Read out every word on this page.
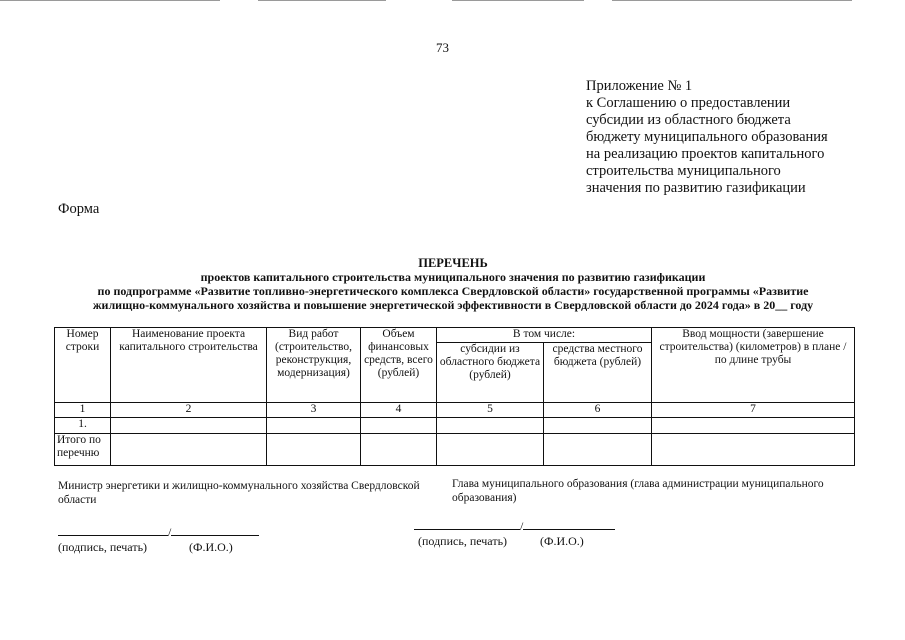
73
Приложение № 1
к Соглашению о предоставлении
субсидии из областного бюджета
бюджету муниципального образования
на реализацию проектов капитального
строительства муниципального
значения по развитию газификации
Форма
ПЕРЕЧЕНЬ
проектов капитального строительства муниципального значения по развитию газификации
по подпрограмме «Развитие топливно-энергетического комплекса Свердловской области» государственной программы «Развитие
жилищно-коммунального хозяйства и повышение энергетической эффективности в Свердловской области до 2024 года» в 20__ году
Номер строки	Наименование проекта капитального строительства	Вид работ (строительство, реконструкция, модернизация)	Объем финансовых средств, всего (рублей)	В том числе:		Ввод мощности (завершение строительства) (километров) в плане / по длине трубы
				субсидии из областного бюджета (рублей)	средства местного бюджета (рублей)	
1	2	3	4	5	6	7
1.						
Итого по перечню						
Министр энергетики и жилищно-коммунального хозяйства Свердловской области
Глава муниципального образования (глава администрации муниципального образования)
/
(подпись, печать)	(Ф.И.О.)
/
(подпись, печать)	(Ф.И.О.)
